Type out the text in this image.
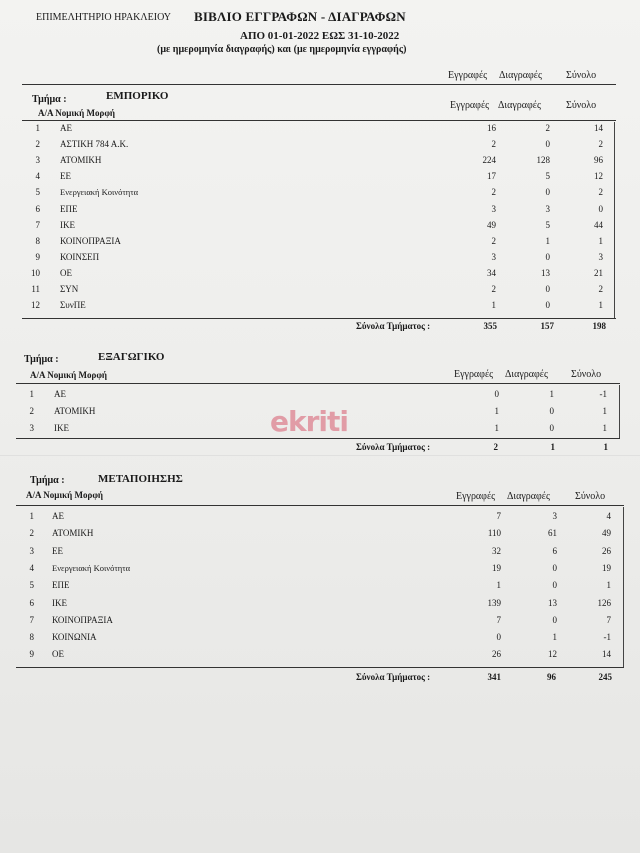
ΕΠΙΜΕΛΗΤΗΡΙΟ ΗΡΑΚΛΕΙΟΥ ΒΙΒΛΙΟ ΕΓΓΡΑΦΩΝ - ΔΙΑΓΡΑΦΩΝ
ΑΠΟ 01-01-2022 ΕΩΣ 31-10-2022
(με ημερομηνία διαγραφής) και (με ημερομηνία εγγραφής)
Εγγραφές Διαγραφές Σύνολο
Τμήμα :	ΕΜΠΟΡΙΚΟ
Α/Α Νομική Μορφή
Εγγραφές Διαγραφές	Σύνολο
1 ΑΕ	16	2	14
2 ΑΣΤΙΚΗ 784 Α.Κ.	2	0	2
3 ΑΤΟΜΙΚΗ	224	128	96
4 ΕΕ	17	5	12
5 Ενεργειακή Κοινότητα	2	0	2
6 ΕΠΕ	3	3	0
7 ΙΚΕ	49	5	44
8 ΚΟΙΝΟΠΡΑΞΙΑ	2	1	1
9 ΚΟΙΝΣΕΠ	3	0	3
10 ΟΕ	34	13	21
11 ΣΥΝ	2	0	2
12 ΣυνΠΕ	1	0	1
Σύνολα Τμήματος :	355	157	198
Τμήμα :	ΕΞΑΓΩΓΙΚΟ
Α/Α Νομική Μορφή	Εγγραφές Διαγραφές Σύνολο
1 ΑΕ	0	1	-1
2 ΑΤΟΜΙΚΗ	1	0	1
3 ΙΚΕ	1	0	1
Σύνολα Τμήματος :	2	1	1
Τμήμα :	ΜΕΤΑΠΟΙΗΣΗΣ
Α/Α Νομική Μορφή	Εγγραφές Διαγραφές	Σύνολο
1 ΑΕ	7	3	4
2 ΑΤΟΜΙΚΗ	110	61	49
3 ΕΕ	32	6	26
4 Ενεργειακή Κοινότητα	19	0	19
5 ΕΠΕ	1	0	1
6 ΙΚΕ	139	13	126
7 ΚΟΙΝΟΠΡΑΞΙΑ	7	0	7
8 ΚΟΙΝΩΝΙΑ	0	1	-1
9 ΟΕ	26	12	14
Σύνολα Τμήματος :	341	96	245
ekriti
